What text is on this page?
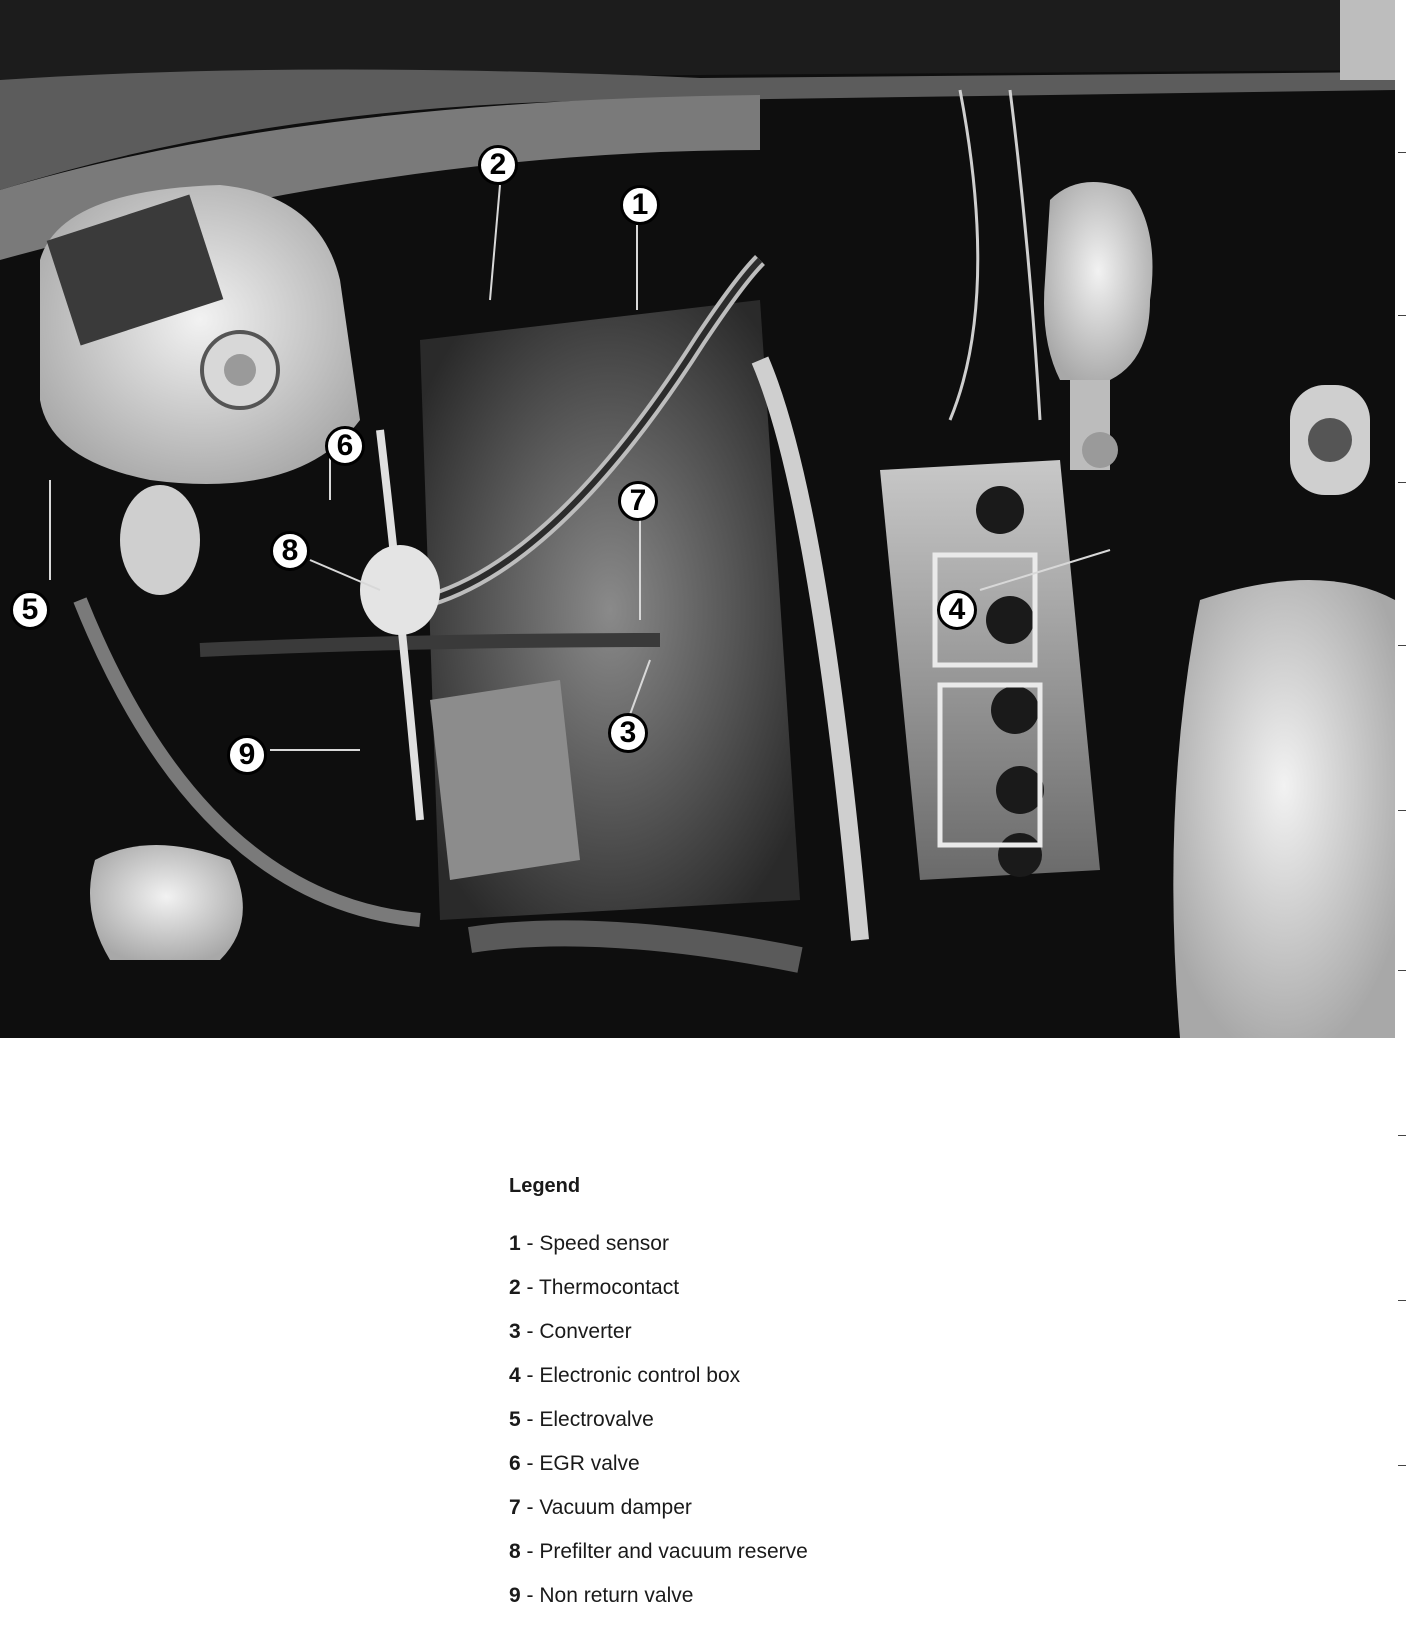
1
2
3
4
5
6
7
8
9
Legend
1 - Speed sensor
2 - Thermocontact
3 - Converter
4 - Electronic control box
5 - Electrovalve
6 - EGR valve
7 - Vacuum damper
8 - Prefilter and vacuum reserve
9 - Non return valve
